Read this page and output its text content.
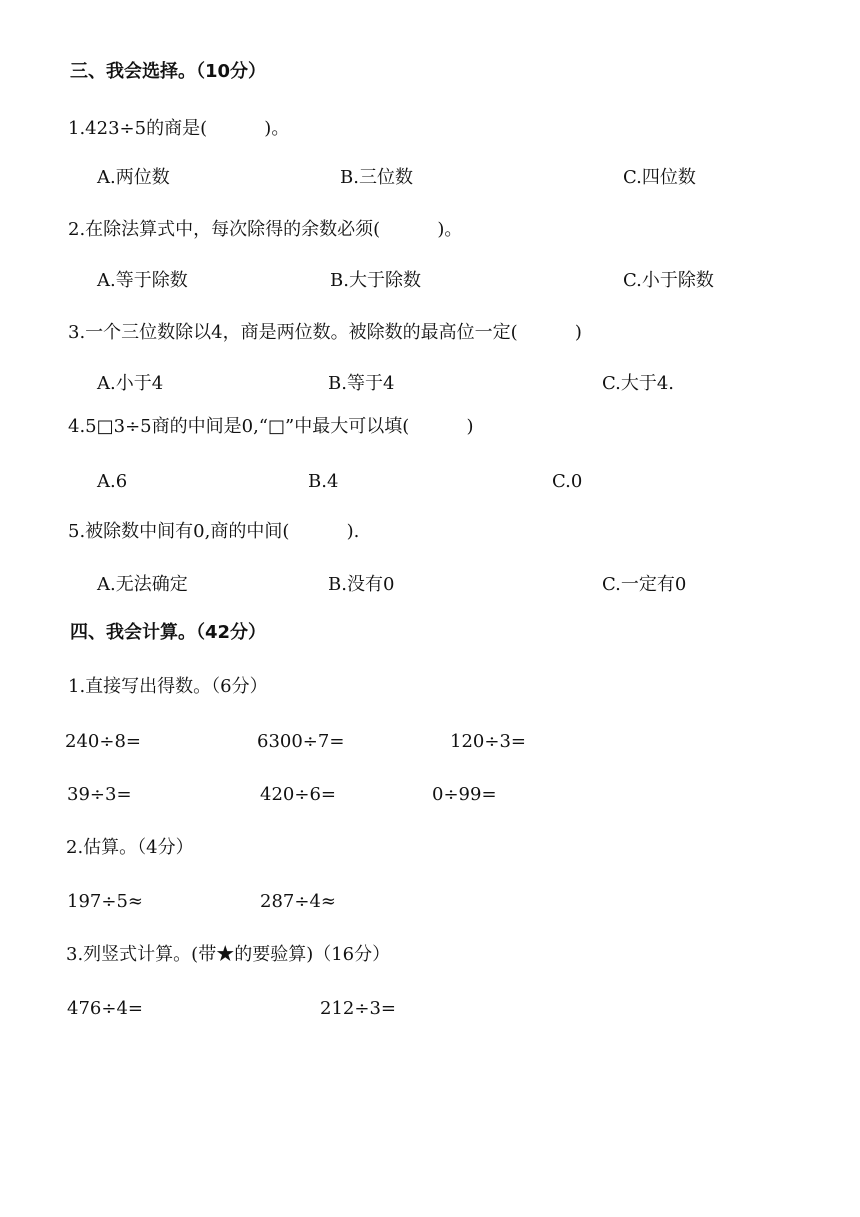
三、我会选择。（10分）
1.423÷5的商是(          )。
A.两位数	B.三位数	C.四位数
2.在除法算式中，每次除得的余数必须(          )。
A.等于除数	B.大于除数	C.小于除数
3.一个三位数除以4，商是两位数。被除数的最高位一定(          )
A.小于4	B.等于4	C.大于4.
4.5□3÷5商的中间是0,“□”中最大可以填(          )
A.6	B.4	C.0
5.被除数中间有0,商的中间(          ).
A.无法确定	B.没有0	C.一定有0
四、我会计算。（42分）
1.直接写出得数。（6分）
240÷8=	6300÷7=	120÷3=
39÷3=	420÷6=	0÷99=
2.估算。（4分）
197÷5≈	287÷4≈
3.列竖式计算。(带★的要验算)（16分）
476÷4=	212÷3=
